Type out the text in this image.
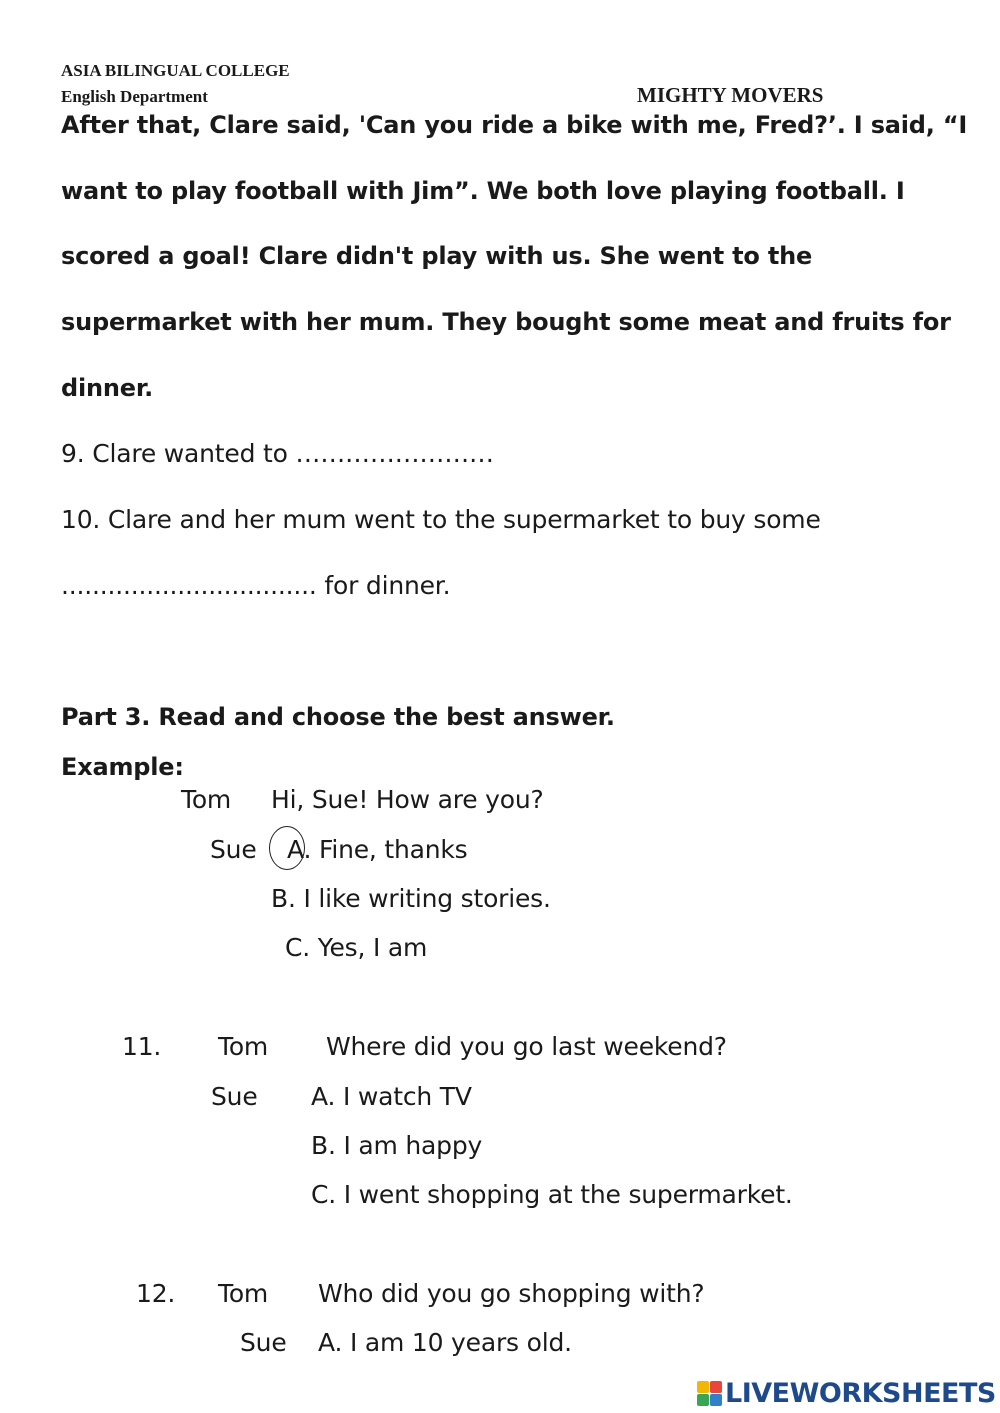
ASIA BILINGUAL COLLEGE
English Department	MIGHTY MOVERS
After that, Clare said, 'Can you ride a bike with me, Fred?’. I said, “I
want to play football with Jim”. We both love playing football. I
scored a goal! Clare didn't play with us. She went to the
supermarket with her mum. They bought some meat and fruits for
dinner.
9. Clare wanted to ……………………
10. Clare and her mum went to the supermarket to buy some
................................. for dinner.
Part 3. Read and choose the best answer.
Example:
Tom Hi, Sue! How are you?
Sue A. Fine, thanks
B. I like writing stories.
C. Yes, I am
11. Tom Where did you go last weekend?
Sue A. I watch TV
B. I am happy
C. I went shopping at the supermarket.
12. Tom Who did you go shopping with?
Sue A. I am 10 years old.
LIVEWORKSHEETS
